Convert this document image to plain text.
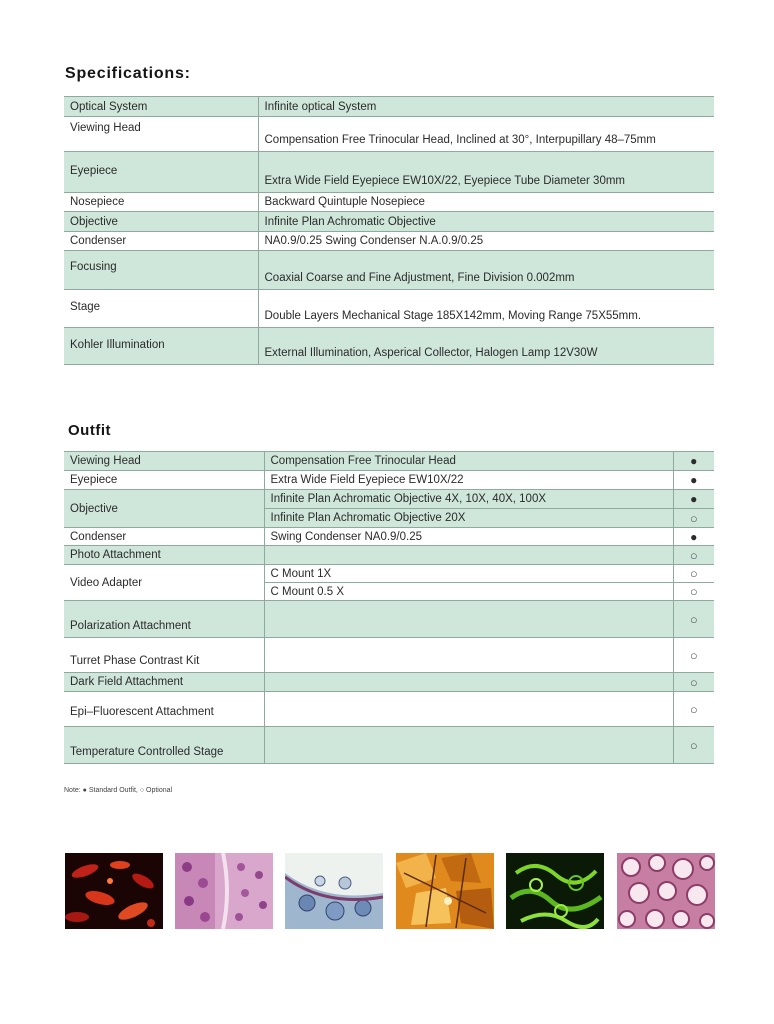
Specifications:
Optical System	Infinite optical System
Viewing Head	Compensation Free Trinocular Head, Inclined at 30°, Interpupillary 48–75mm
Eyepiece	Extra Wide Field Eyepiece EW10X/22, Eyepiece Tube Diameter 30mm
Nosepiece	Backward Quintuple Nosepiece
Objective	Infinite Plan Achromatic Objective
Condenser	NA0.9/0.25 Swing Condenser N.A.0.9/0.25
Focusing	Coaxial Coarse and Fine Adjustment, Fine Division 0.002mm
Stage	Double Layers Mechanical Stage 185X142mm, Moving Range 75X55mm.
Kohler Illumination	External Illumination, Asperical Collector, Halogen Lamp 12V30W
Outfit
Viewing Head	Compensation Free Trinocular Head	●
Eyepiece	Extra Wide Field Eyepiece EW10X/22	●
Objective	Infinite Plan Achromatic Objective 4X, 10X, 40X, 100X	●
	Infinite Plan Achromatic Objective 20X	○
Condenser	Swing Condenser NA0.9/0.25	●
Photo Attachment		○
Video Adapter	C Mount 1X	○
	C Mount 0.5 X	○
Polarization Attachment		○
Turret Phase Contrast Kit		○
Dark Field Attachment		○
Epi–Fluorescent Attachment		○
Temperature Controlled Stage		○
Note: ● Standard Outfit, ○ Optional
